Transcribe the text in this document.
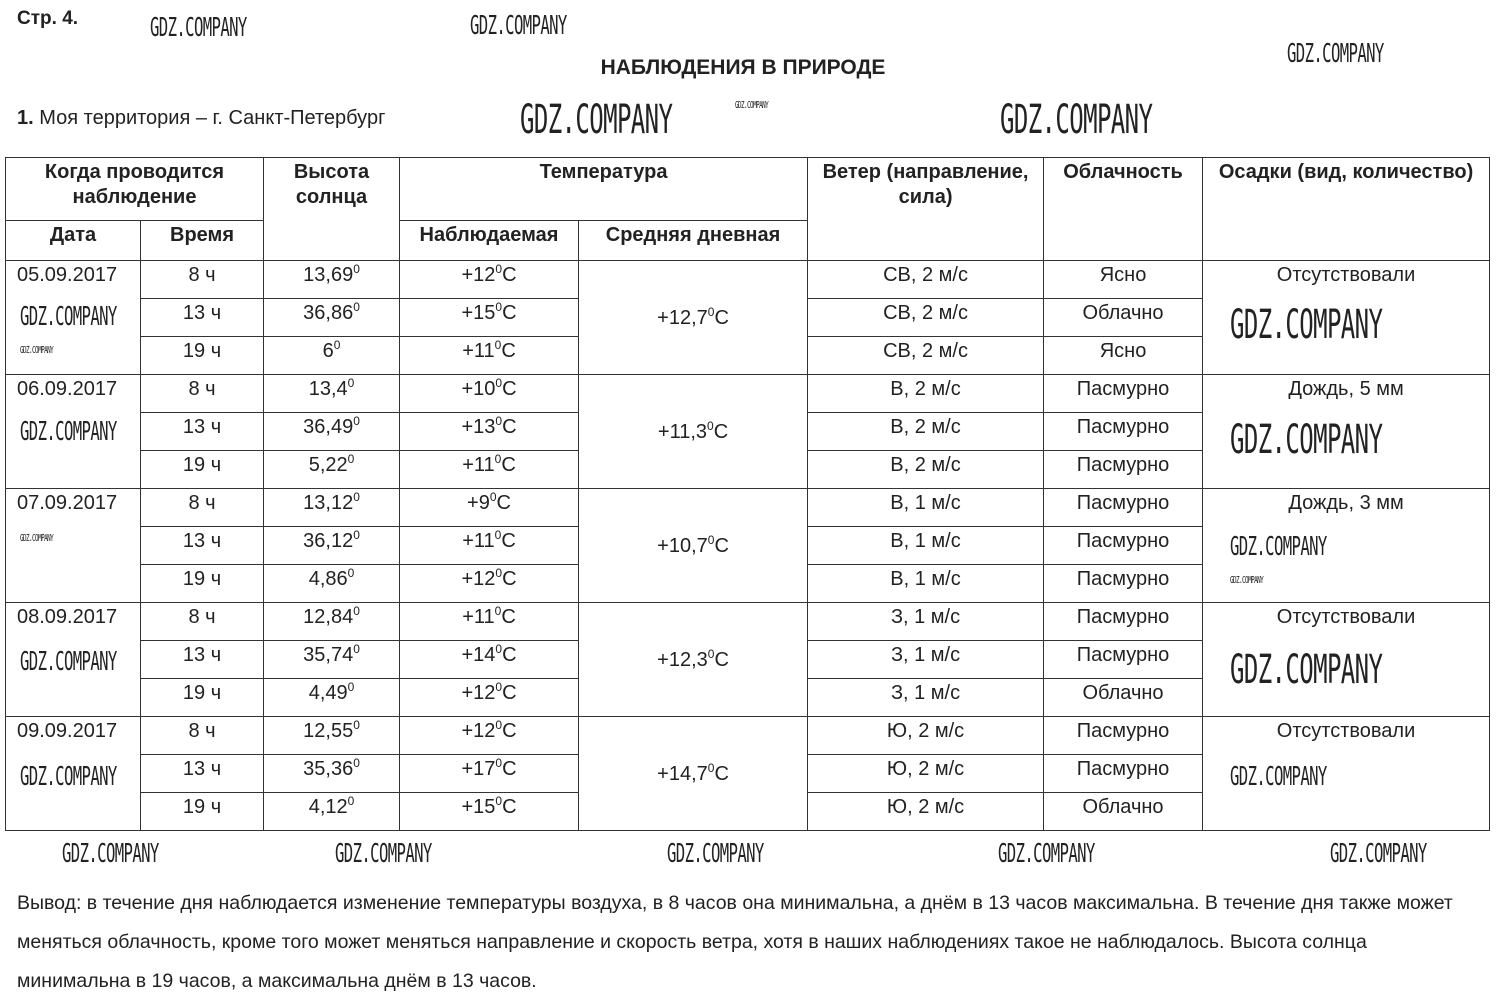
Стр. 4.
НАБЛЮДЕНИЯ В ПРИРОДЕ
1. Моя территория – г. Санкт-Петербург
Когда проводится наблюдение		Высота солнца	Температура		Ветер (направление, сила)	Облачность	Осадки (вид, количество)
Дата	Время		Наблюдаемая	Средняя дневная			
05.09.2017	8 ч	$13,69^0$	$+12^0C$	$+12,7^0C$	СВ, 2 м/с	Ясно	Отсутствовали
	13 ч	$36,86^0$	$+15^0C$		СВ, 2 м/с	Облачно	
	19 ч	$6^0$	$+11^0C$		СВ, 2 м/с	Ясно	
06.09.2017	8 ч	$13,4^0$	$+10^0C$	$+11,3^0C$	В, 2 м/с	Пасмурно	Дождь, 5 мм
	13 ч	$36,49^0$	$+13^0C$		В, 2 м/с	Пасмурно	
	19 ч	$5,22^0$	$+11^0C$		В, 2 м/с	Пасмурно	
07.09.2017	8 ч	$13,12^0$	$+9^0C$	$+10,7^0C$	В, 1 м/с	Пасмурно	Дождь, 3 мм
	13 ч	$36,12^0$	$+11^0C$		В, 1 м/с	Пасмурно	
	19 ч	$4,86^0$	$+12^0C$		В, 1 м/с	Пасмурно	
08.09.2017	8 ч	$12,84^0$	$+11^0C$	$+12,3^0C$	З, 1 м/с	Пасмурно	Отсутствовали
	13 ч	$35,74^0$	$+14^0C$		З, 1 м/с	Пасмурно	
	19 ч	$4,49^0$	$+12^0C$		З, 1 м/с	Облачно	
09.09.2017	8 ч	$12,55^0$	$+12^0C$	$+14,7^0C$	Ю, 2 м/с	Пасмурно	Отсутствовали
	13 ч	$35,36^0$	$+17^0C$		Ю, 2 м/с	Пасмурно	
	19 ч	$4,12^0$	$+15^0C$		Ю, 2 м/с	Облачно	
Вывод: в течение дня наблюдается изменение температуры воздуха, в 8 часов она минимальна, а днём в 13 часов максимальна. В течение дня также может меняться облачность, кроме того может меняться направление и скорость ветра, хотя в наших наблюдениях такое не наблюдалось. Высота солнца минимальна в 19 часов, а максимальна днём в 13 часов.
GDZ.COMPANY	GDZ.COMPANY
GDZ.COMPANY
GDZ.COMPANY
GDZ.COMPANY	GDZ.COMPANY
GDZ.COMPANY
GDZ.COMPANY
GDZ.COMPANY
GDZ.COMPANY
GDZ.COMPANY
GDZ.COMPANY
GDZ.COMPANY
GDZ.COMPANY
GDZ.COMPANY
GDZ.COMPANY
GDZ.COMPANY
GDZ.COMPANY
GDZ.COMPANY	GDZ.COMPANY	GDZ.COMPANY	GDZ.COMPANY	GDZ.COMPANY
